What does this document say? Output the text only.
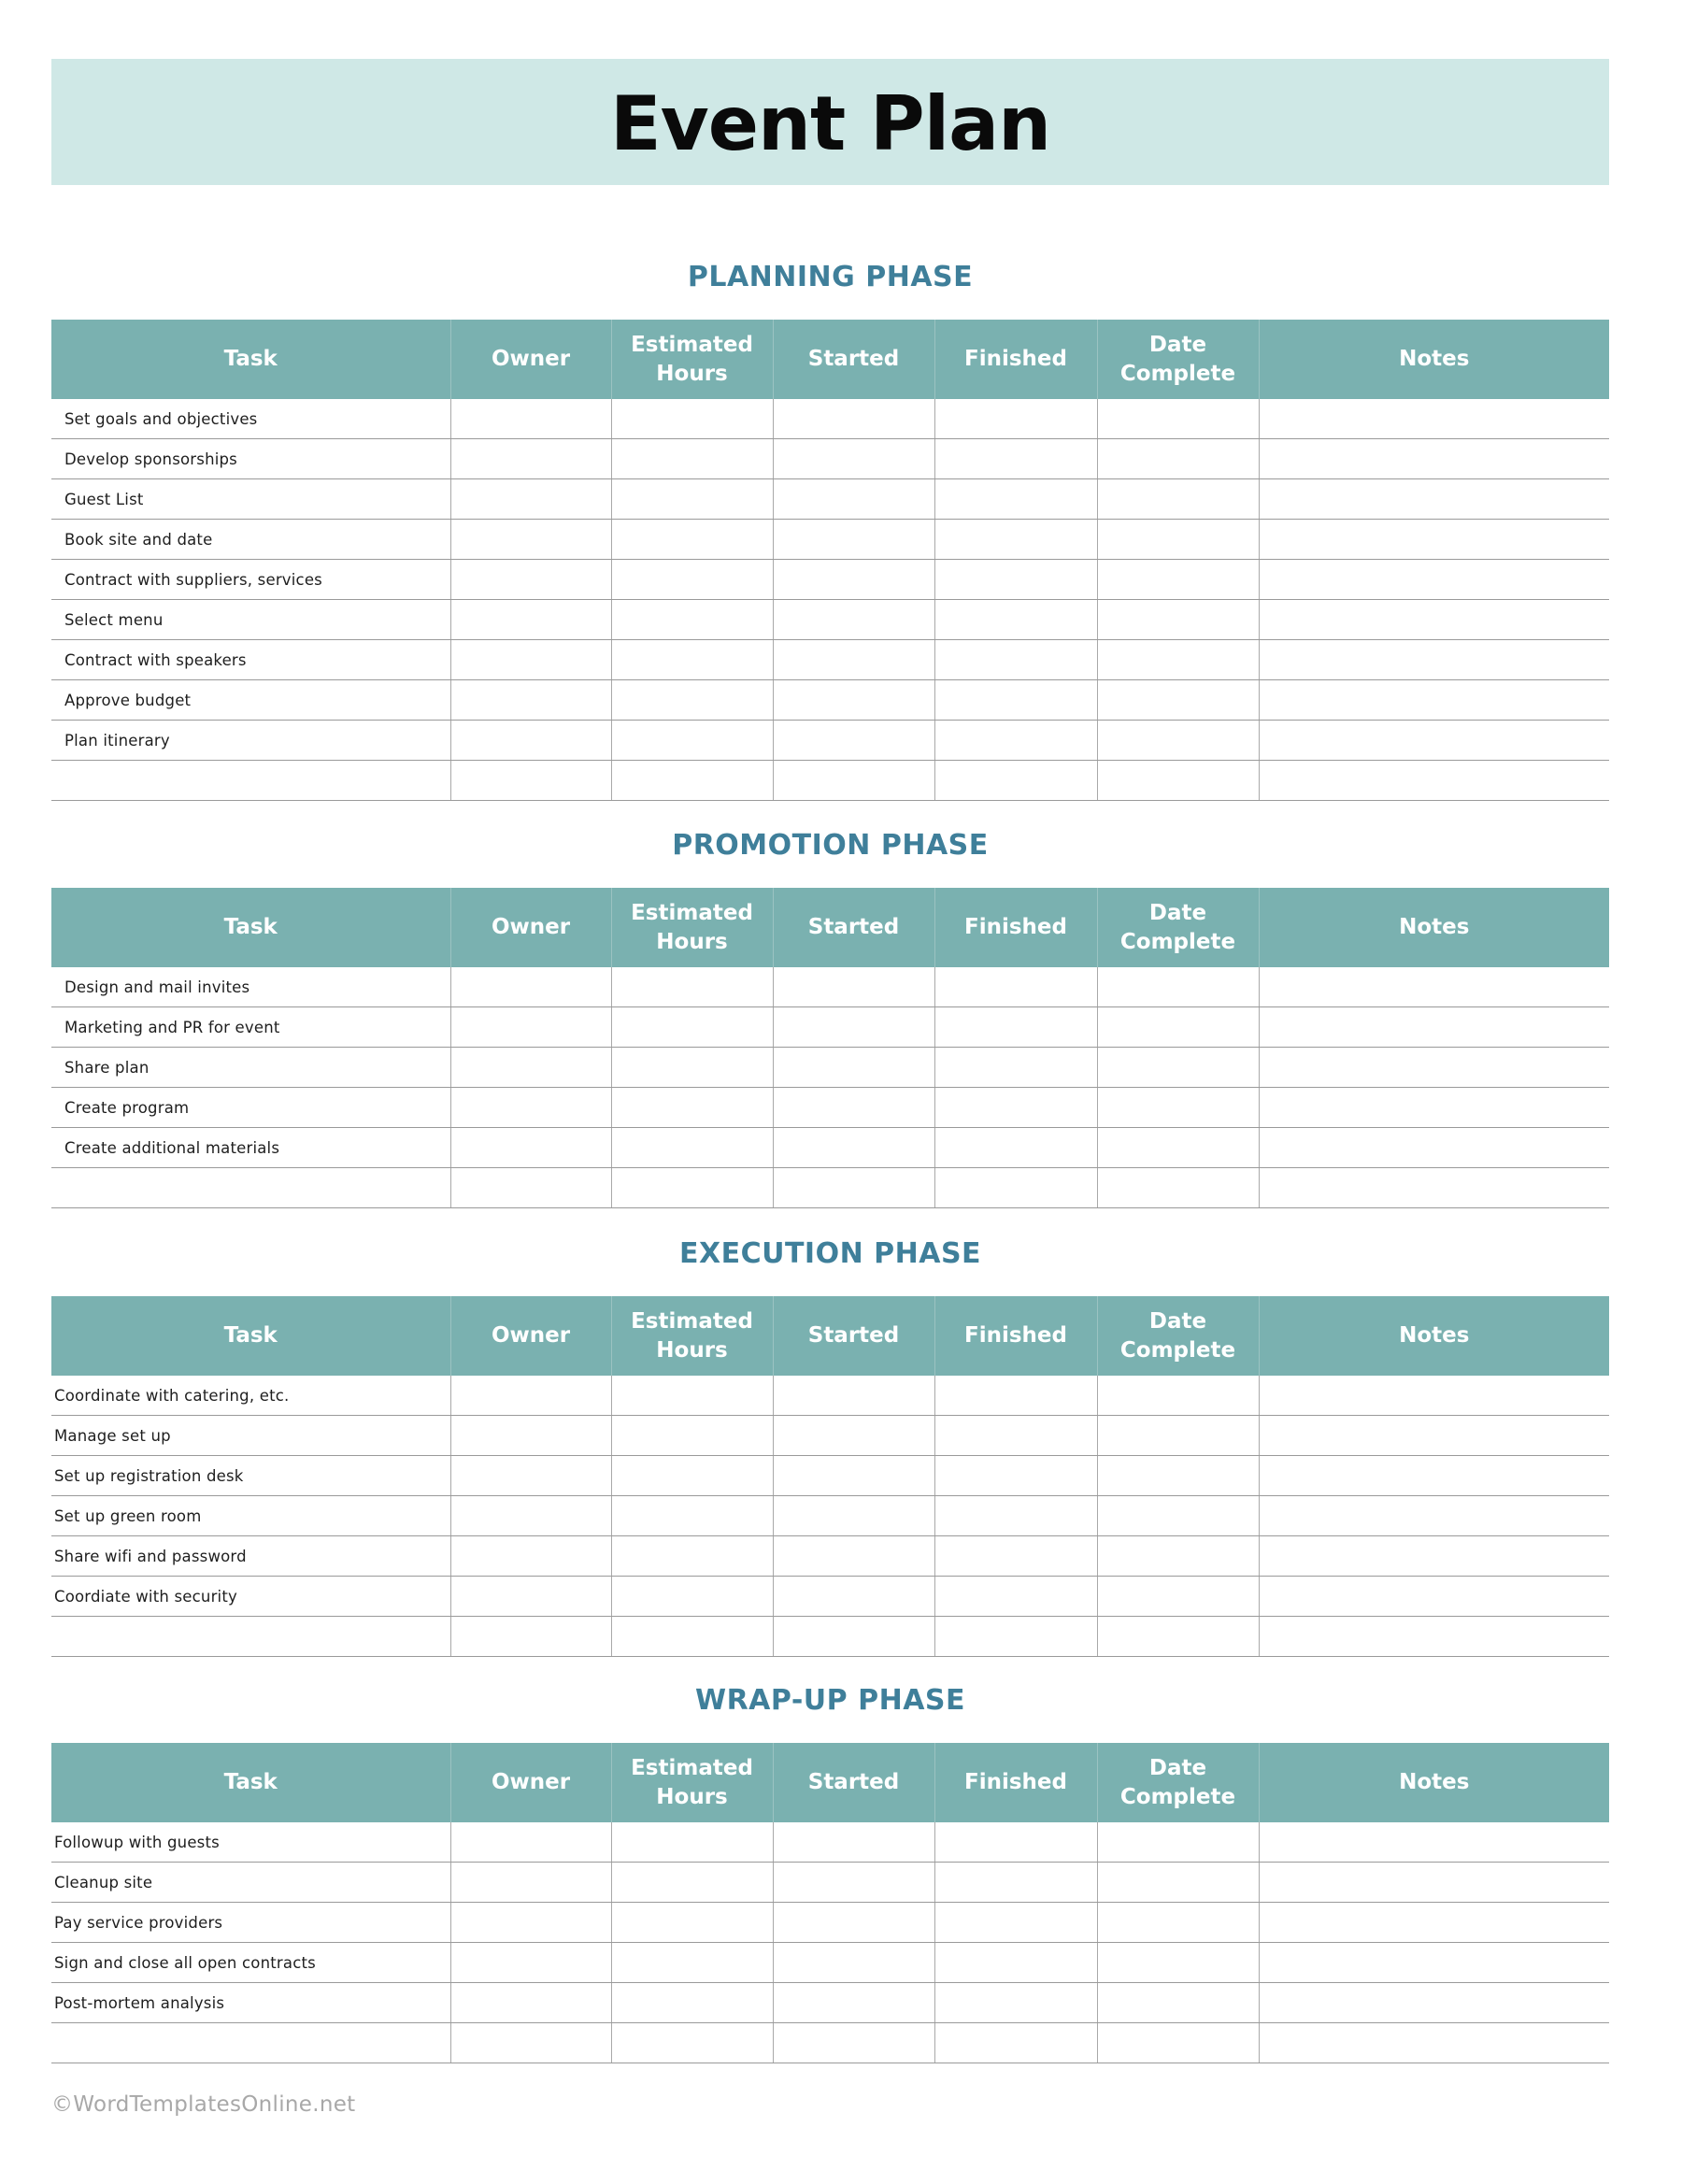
Event Plan
PLANNING PHASE
Task	Owner	Estimated Hours	Started	Finished	Date Complete	Notes
Set goals and objectives						
Develop sponsorships						
Guest List						
Book site and date						
Contract with suppliers, services						
Select menu						
Contract with speakers						
Approve budget						
Plan itinerary						

PROMOTION PHASE
Task	Owner	Estimated Hours	Started	Finished	Date Complete	Notes
Design and mail invites						
Marketing and PR for event						
Share plan						
Create program						
Create additional materials						

EXECUTION PHASE
Task	Owner	Estimated Hours	Started	Finished	Date Complete	Notes
Coordinate with catering, etc.						
Manage set up						
Set up registration desk						
Set up green room						
Share wifi and password						
Coordiate with security						

WRAP-UP PHASE
Task	Owner	Estimated Hours	Started	Finished	Date Complete	Notes
Followup with guests						
Cleanup site						
Pay service providers						
Sign and close all open contracts						
Post-mortem analysis						

©WordTemplatesOnline.net
